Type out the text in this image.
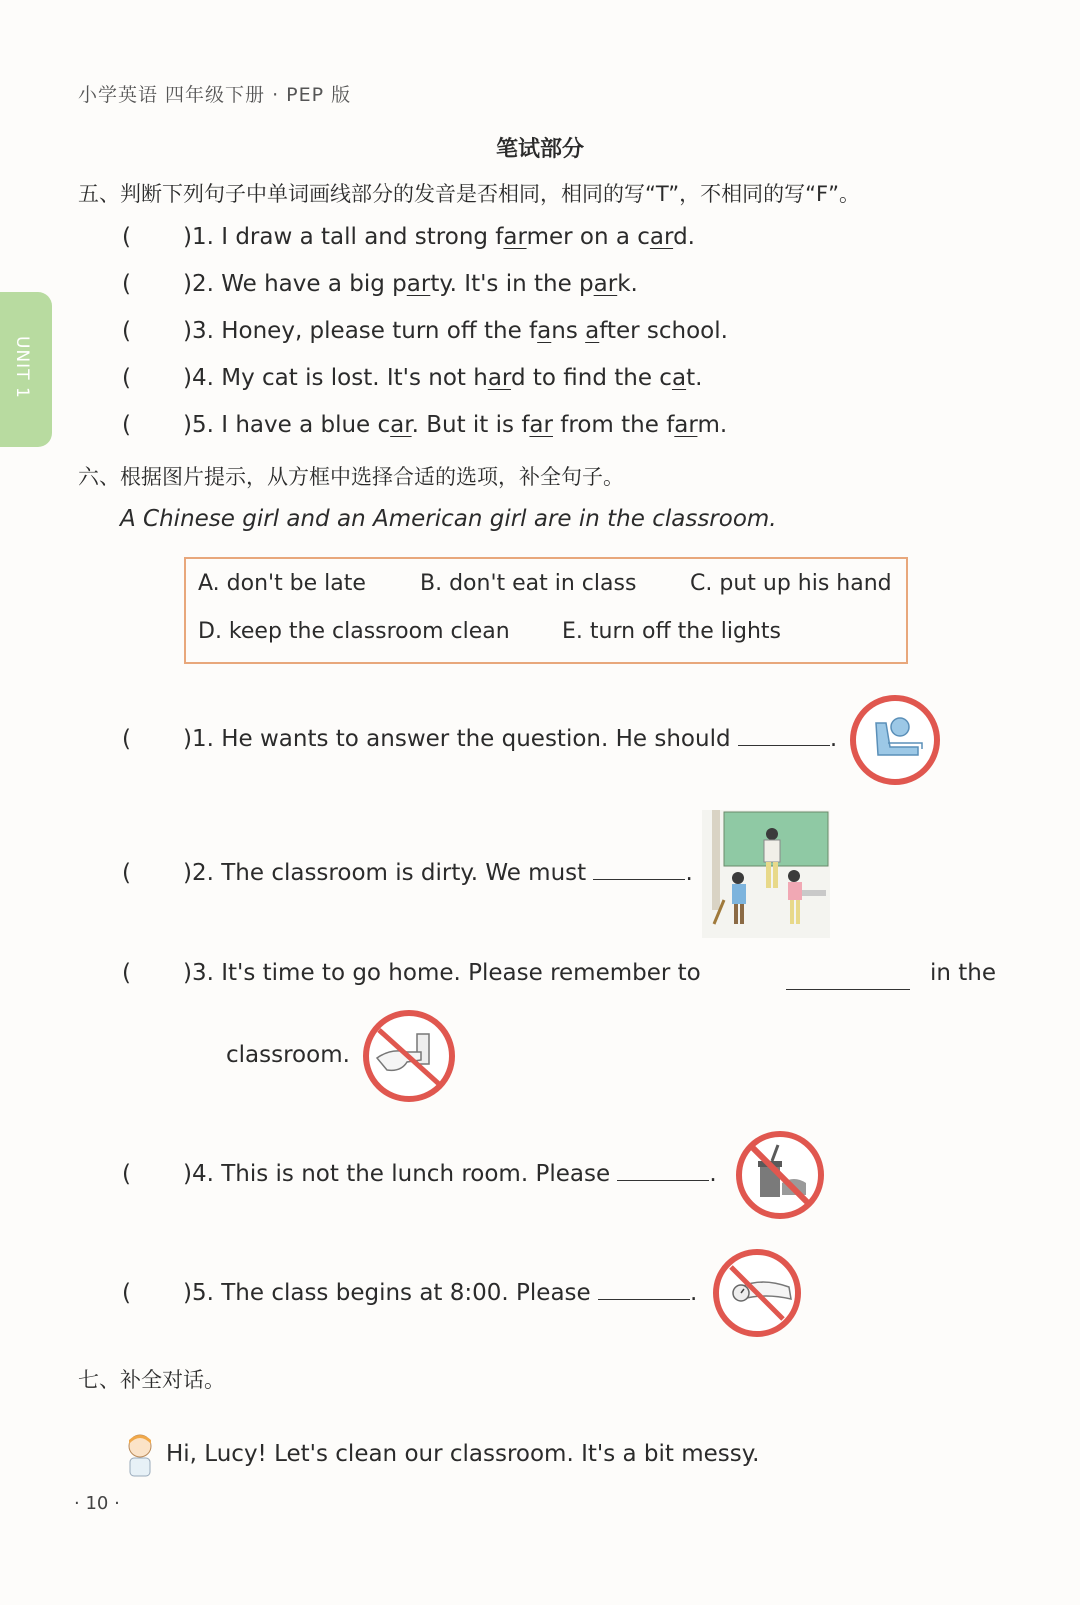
小学英语 四年级下册 · PEP 版
UNIT 1
笔试部分
五、判断下列句子中单词画线部分的发音是否相同，相同的写“T”，不相同的写“F”。
( )1. I draw a tall and strong farmer on a card.
( )2. We have a big party. It's in the park.
( )3. Honey, please turn off the fans after school.
( )4. My cat is lost. It's not hard to find the cat.
( )5. I have a blue car. But it is far from the farm.
六、根据图片提示，从方框中选择合适的选项，补全句子。
A Chinese girl and an American girl are in the classroom.
A. don't be late B. don't eat in class C. put up his hand
D. keep the classroom clean E. turn off the lights
( )1. He wants to answer the question. He should	.
( )2. The classroom is dirty. We must	.
( )3. It's time to go home. Please remember to	in the
classroom.
( )4. This is not the lunch room. Please	.
( )5. The class begins at 8:00. Please	.
七、补全对话。
Hi, Lucy! Let's clean our classroom. It's a bit messy.
· 10 ·
